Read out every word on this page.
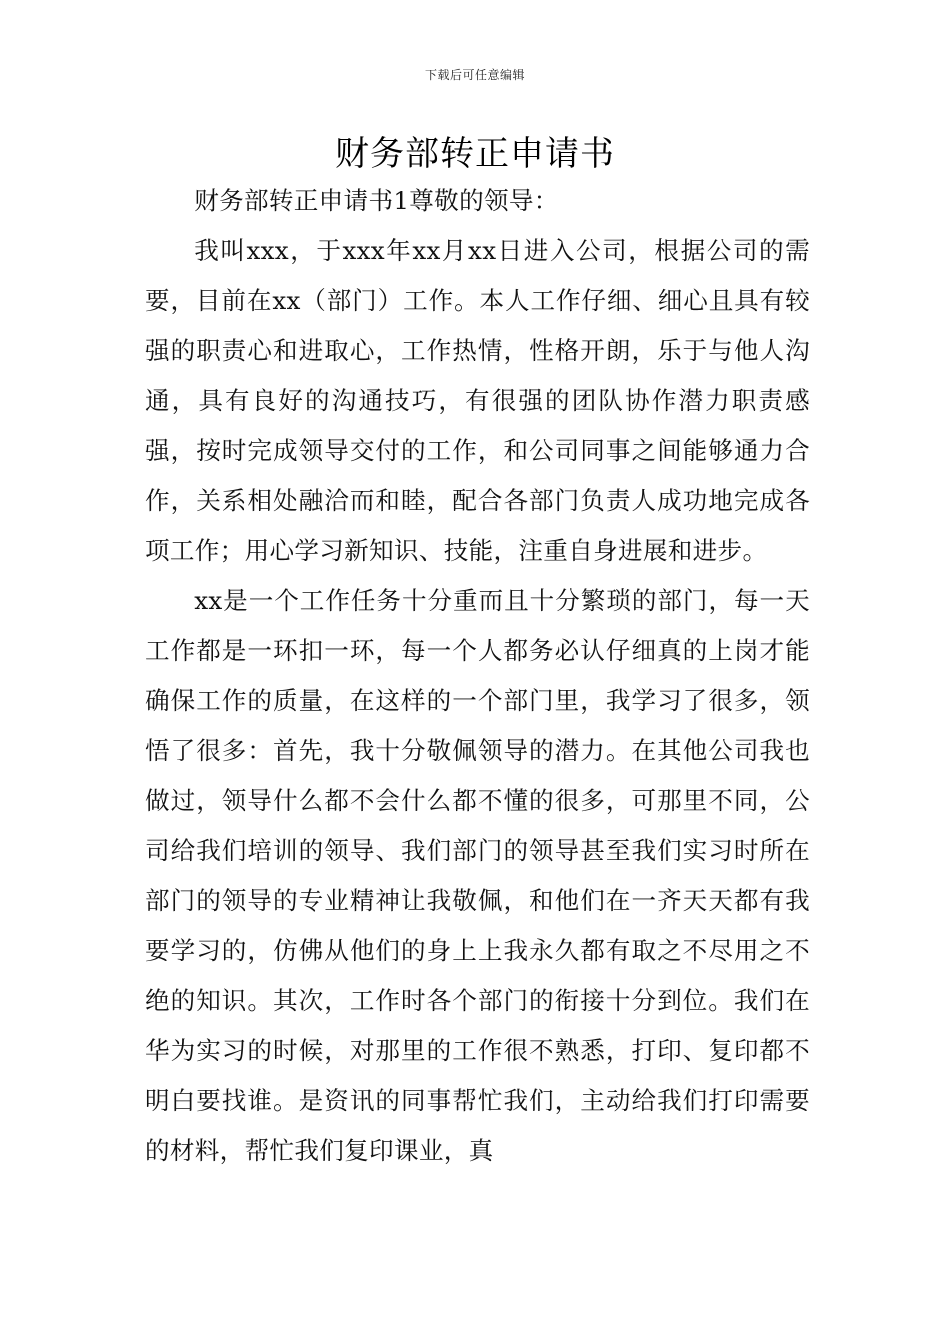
下载后可任意编辑
财务部转正申请书

财务部转正申请书1尊敬的领导：

我叫xxx，于xxx年xx月xx日进入公司，根据公司的需要，目前在xx（部门）工作。本人工作仔细、细心且具有较强的职责心和进取心，工作热情，性格开朗，乐于与他人沟通，具有良好的沟通技巧，有很强的团队协作潜力职责感强，按时完成领导交付的工作，和公司同事之间能够通力合作，关系相处融洽而和睦，配合各部门负责人成功地完成各项工作；用心学习新知识、技能，注重自身进展和进步。

xx是一个工作任务十分重而且十分繁琐的部门，每一天工作都是一环扣一环，每一个人都务必认仔细真的上岗才能确保工作的质量，在这样的一个部门里，我学习了很多，领悟了很多：首先，我十分敬佩领导的潜力。在其他公司我也做过，领导什么都不会什么都不懂的很多，可那里不同，公司给我们培训的领导、我们部门的领导甚至我们实习时所在部门的领导的专业精神让我敬佩，和他们在一齐天天都有我要学习的，仿佛从他们的身上上我永久都有取之不尽用之不绝的知识。其次，工作时各个部门的衔接十分到位。我们在华为实习的时候，对那里的工作很不熟悉，打印、复印都不明白要找谁。是资讯的同事帮忙我们，主动给我们打印需要的材料，帮忙我们复印课业，真
